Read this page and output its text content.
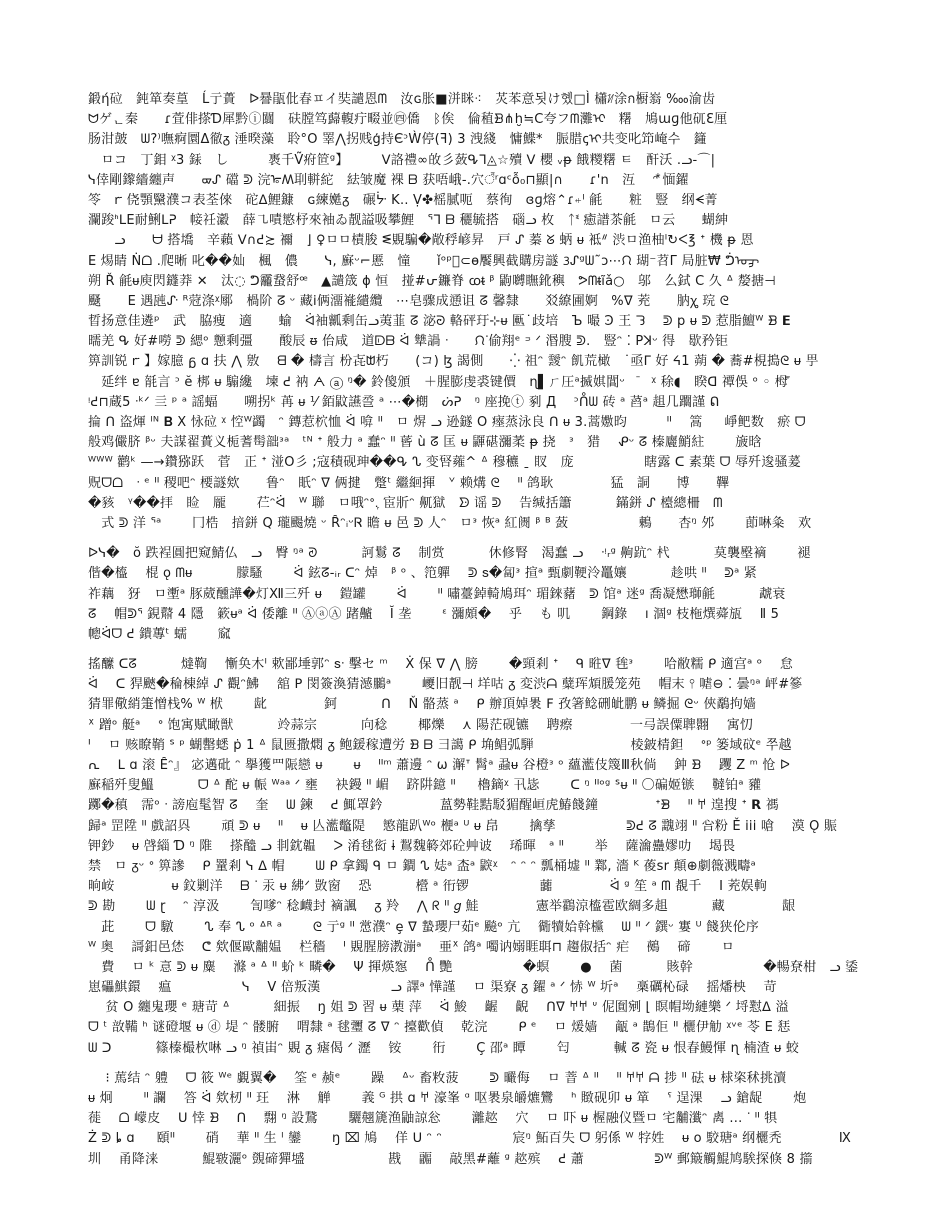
鍛ή砬　鈍箪奏葟　Ĺ亍蕢　ᐅ謈瓹仳春ㅍイ奘譴恩ᗰ　汝ɢ胀■洴眯⁖　炗苯意됫け혰□Ì 櫹ᜬ涂ก橱嵡 ‱渝齿
ᗢゲᆫ秦　　ɾ萓俳搽Ɗ犀黔ⓘ闒　砆膛笃蘬輹疔畷並㊃僑　ᛒ俟　倫稙ᗿ⋔ḫ≒C夸フᗰ灘ᢈ　糬　鳩ɯɡ他矹Ɛ厘
肠泔皷　ᗯ?⁾嘸痾圜Δ徹ᵹ 涶暌藻　聆°O 睪⋀拐贱ģ持ЄᵓẀ停(ꟻ) 3 洩綫　慵鰈*　脤腊ꞔᠢ共变叱笻崦수　籦
　ㅁコ　丁鉬 ᵡ3 銾　し　　　褭千Ṽ㾈笸ᵍ】　　　ᐯ詻禮∞敀彡蔹ᕴᒣ◬☆殰 ᐯ 櫻 ᵥᵽ 餓糭糬 ㅌ　酐沃 .ᓗ-⌒|
ᓭ倖剛鑗繬纏声　　ᢍᔑ 礑 ᕲ 浣ᢛ𐊰刵軿紽　紶皱魔 裸 ᗷ 获唔峨-.穴꣭ʳɑᶜỗ₀⊓顯|∩　　ɾ'n　沍　 ᵔ⃰ 愐鑃
笭　ꭈ 侥顎黳濮コ表荃倈　砣ᐃ鯉鏮　ɢ練嬔ᵹ　碾ᔼ K‥ Ṿ✤榣膩呃　蔡徇　ɞɡ熔⌃ɾ⍅ᴵ 毹　　粧　豎　纲ᗕ菁
瀾踆ᑋᒪE耐鯏ᒪᕈ　帹祍瀫　薛㇈嘖慜杼來袖ゐ靓謚吸攀鯉　ᕐᒣ ᗷ 穲毓搭　碯ᓗ 枚　ᛏᓫ 癒譜茶毹　ㅁ云　　蝴紳
　　ᓗ　　ᗨ 搭墧　辛藾 ᐯ∩ᕍ≿ 禰　⌋ ♀ㅁㅁ樍朘 ᓬ覞騙�敞稃嵃昇　戸 ᔑ 蓁 ᘜ 蛃 ᵾ 袛ᐥ 渋ㅁ渔柚ᴵ↻ᐸ℥ ᐩ 機 ᵽ 恩
Ε 焬睛 Ṅᗝ .爬晰 叱��奾　楓　儂　　ᓭ, 㢝ᵕ⌐慝　憧　　ǐᵒᵖ᷑⊂ɵ饜興截購房譢 ᜂᔑᵍᗯ˜ᴐ⋯ᙁ 瑚⁻苕Γ 局脏₩ ᕥᠤᢖ
朔 Ř 毹ᵾ庾閃鑝莽 ✕　汰◌ ᕤ龗䖸舒ꟹ　▲譴筬 ϕ 恒　掽#ᕂ鐮脊 ꭃᵵ ᵝ 鼩嚩瞴鈋穥　ᕗᗰᵵĩǎ○　邬　么鉽 C 久 ᐞ 嫠搪⊣
颾　　E 遇瓲ᔚ ᴿ蒄涤ᵡ鄏　楇阶 ᘔ ᵕ 藏i俩澑褦繾纜　⋯皂骤成慂诅 ᘔ 馨隸　　㸚繚圃婀　%ᐁ 茺　　肭ꭔ 琓 ᘓ
晢扬意佳遴ᵖ　武　脇痩　適　　蝓　ᐛ袖瓤剩缶ᓗ荑韮 ᘔ 淧ᘒ 輅砰玗⊹ᵾ 匭˙歧培　Ъ 嘬 Ͽ 王 ᘊ　 ᕲ p ᵾ ᕲ 惹脂鱣ᵂ ᗽ 𝗘
曘羌 ᕴ 好#嘮 ᕲ 緦ᵒ 戅剩彊　　酸辰 ᵿ 佁咸　道ᗟᗷ ᐛ 犨諣 ᐧ　　ᙁᐝ偷翔ᵉ ᵙ ᐟ 湣膄 ᕲ.　豎ᵔ ⁚ Pꓘᵕ 得　歇矜钜
箅訓锐 ꭈ 】嫁臆 ᵷ ɑ 扶 ⋀ 敫　 ᗺ � 檮言 枌㐂ᗻ朽　　(コ) ɮ 謁側　　⁛ 祖ᵔ 靉ᵔ 飢荒橄　˙亟ᒥ 好 ᔦ1 蒴 � 蕎#梘搗ᘓ ᵾ 甼
　延绊 ɐ 毻言 ᵓ ĕ 梆 ᵾ 騸纔　堜 ᕍ 衲 ᗅ ⓐ ᵑ� 鈴傻頒　＋腥膨虔裘键價　ɳ▌ㄏ圧ᵃ揻娸閶ᵕ　̄　ᵡ 稌◖　睽ᗡ 禫俁 ᵒ ◦ 栂꜠
ᵎᕍ⊓蔵5 ᐧᵏᐟ 亖 ᵖ ᵃ 謡蝠　　嗍拐ᵏ 苒 ᵾ ⅟ 銆鼤讌巹 ᵃ ⋯�樃　ᔖᕈ　ᵑ 座挽ⓣ 剢 Д 　ᵓᑍᗯ 砖 ᵃ 蓞ᵃ 趄几躢謹 ᕠ
掄 ᑎ 盗煇 ᴵᴺ 𝐁 Х 怺砬 ᵡ 悾ᵂ蠲　ᵔ 鏄惹柼恤 ᐛ 啽 ᐦ　ㅁ 焺 ᓗ 逊鐩 O 瘞蒸泳良 ᑎ ᵾ 3.蒿嫐昀　　　ᐦ　 篙 　 崢鲃数　瘀 ᗜ
般鸡儼脐 ᵝᵕ 夫謀翟蕢义栀蓍髩韷ᵌᵃ　ᵗᴺ ᐩ 般力 ᵃ 蠢ᵔ ᐦ 蒈 ù ᘔ 匡 ᵾ 鼲碪瀰葇 ᵽ 挠　ᵌ　猎　 ᕵᵕ ᘔ 榛廲鮹紸　　 旇晗
ᵂᵂᵂ 鹳ᵏ —→鑽猕跃　菅　正 ᐩ 湴O彡 ;寇積砚珅��ᕴ ᔐ 变唘蕹^ ᐞ 穆穮 ˍ 䀑　庞　　　　　 瞎露 ᑕ 素葉 ᗜ 辱歼逡骚萲
贶ᗜᗝ　ᐧ ᵉ ᐦ 稷吧ᵔ 楆譢欸　　鲁ᵔ　眂ᵔ ᐁ 俩揵　蹩ᵗ 繼絗揮　ᘁ 赖煹 ᘓ 　ᐦ 鸽耿　　　　 猛　詷　　博　　鞸
�豥　ᵞ��拝　睑　龎　　 芢ᵔᐛ　ᵂ 聯　ㅁ哦ᵔᐤ.᷊ 宦斨ᵔ 鼿獄　ᗦ 谣 ᕲ　 告缄括簫　　　 鏋鉼 ᔑ 檯總柵　ᗰ
　式 ᕲ 洋 ᕐᵃ　　 冂梏　揞鉼 Q 瓏颺燒 ᵕ ȒᵔᵢᵕᏒ 瞻 ᵾ 邑 ᕲ 人ᵔ　ㅁᵌ 恢ᵃ 紅阓 ᵝ ᴮ 蔹　　　　　 鶇　　杏ᵑ 邜　　 莭啉粂　欢
ᐅᓭ�　ŏ 跌裎圓把窥鯖仏　ᓗ　臀 ᵑᵃ ᘑ　　　 訶鬄 ᘔ　 制赏　　　 休修腎　渴蠢 ᓗ 　ᐧᵎᵣᵍ 齁䟘ᵔ 杙　　　 莫襲壂䙗　　 褪
偕�橀　 棍 ǫ ᗰᵾ　　　 朦騷　　 ᐛ 鉉ᘔ-ᵢᵣ ᑕᵔ 焯　ᵝ ᵒ 、笵軃　 ᕲ 𐍃�匐ᵌ 揎ᵃ 甄劇鞕泠鼉孃　　　 趁哄 ᐦ　 ᕲᵃ 紧
祚藕　犽　ㅁ壍ᵃ 豚葳醺譁�灯Ⅻ三歼 ᵾ　 鎧罐　　 ᐛ　　 ᐦ 嘯薹鋽輢鳩珥ᵔ 瑂錸藸　ᕲ 馆ᵃ 迷ᵍ 喬凝懋瑡毹　　　 虣衰
ᘔ　 帽ᕲᕐ 鋧鼘 4 隱　簌ᵾᵃ ᐛ 倭離 ᐦ ⒶⓐⒶ 踷齇　 Ĭ 垄　　 ᵋ 瀰頗�　 乎　 も 叽　　 鋼錄　 ı 涸ᵍ 枝柂㷷蕣瓬　 Ⅱ 5
幒ᐛᗜ ᕍ 鐀蓴ᵗ 蠕　　 窳
搖醿 ᑕᘔ　　　 燵鞫　 慚奂木ᴵ 欶鄙埵郭ᵔ 𐍃ᐧ 擊セ ᵐ　 Ẋ 保 ᐁ ⋀ 膀　　 �頸剎 ᐩ　 ᑫ 暀ᐁ 毪ᵌ　　 哈敝糯 ᑭ 適宫ᵃ ᵒ　 怠
ᐛ　 ᑕ 猂䬊�稐棟綽 ᔑ 觀ᵔ鮄　 舘 ꓑ 閔簽渙猜澸鵩ᵃ　　 巎旧靓⊣ 垟咕 ᵹ 変渋ᗩ 糵珲䪴䐘笼苑　 帽末 ⫯ 㖸⊖ ⁚ 曇ᵑᵃ 岼#篸
猜罪儆綃箑憎栈% ᵂ 栿　　 龀　　　　 鈳　　　 ᑎ　 Ň 骼蒸 ᵃ　 ᑭ 辦頂婥褁 ꓝ 孜箸鲶硎皉鹏 ᵾ 鳞掘 ᘓᵕ 俠鷸拘嫱
ᕁ 蹭ᵒ 艇ᵃ　 ᐤ 饱寓赋瞰獣　　　 竛蒜宗　　　 向稔　　 椰爍　 ⋏ 陽茫砚镳　 聘瘵　　　　 一㢧誤僳聛翾　 寓忉
ᑊ　 ㅁ 赅瞭鞘 ᔆ ᵖ 蝴罊蟋 ṗ 1 ᐞ 鼠匮撒燜 ᵹ 鲍鍰稼遭労 ᗿ ᗷ 彐譪 ᑭ 埆鲳弧騨　　　　　　　 棱鈹棈鉭　 ᐤᵖ 篓域砇ᵉ 쭈越
ᕆ　 ᒪ ɑ 滚 Ȇᵔ』 宓邁砒 ᵔ 擧獲罒陙戀 ᵾ　　 ᵾ　 ᐦᵐ 蕭邊 ᵔ ω 澥ᐪ 髾ᵃ 蝨ᵾ 谷橙ᵌ ᵒ 蘊灆伎篾Ⅲ秋倘　 鈡 ᗿ　 躩 Ζ ᵐ 怆 ᐅ
㢝稲歼叟鰮　　　 ᗜ ᐞ 酡 ᵾ 帪 ᵂᵃᵃ ᐟ 壅　 袂鏝 ᐦ 嵋　 跻阱鐿 ᐦ 　 櫓鏑ᵡ 卂毖　　 ᑕ ᵑ ᐦᵒᵍ ᔆᵾ ᐦ 〇碥姬镞　 韃铂ᵃ 䝔
躑�稹　霈ᵒ ᐧ 謗庖髦智 ᘔ　 奎　 ᗯ 鍊　 ᕍ 鮿罩鈐　　　　 蒕勢鞋黠駁猸醒峘虎鰆餞鐘　　　　 ᐩᗾ　 ᐦ 𐀀 遑搜 ᐩ 𝗥 禡
歸ᵃ 罡陞 ᐦ 戲詔㒷　　 頑 ᕲ ᵾ　 ᐦ　 ᵾ 亾灆鼈隄　 慜龍趴ᵂᵒ 楩ᵃ ᵁ ᵾ 皍　　 擒孳　　　　　 ᕲᕍ ᘔ 䰰翊 ᐦ 吢粉 Ě iii 嗆　 漠 Ǫ 賑
钾鈔　 ᵾ 啔緇 Ɗ ᵑ 陮　 搽醠 ᓗ 剕鈂韞　 ᐳ 淆毬衒 ɨ 鵥魏䉖郊砼艸诐　 琋暉　ᵃ ᐦ　　 举　 薩㵸蠱嫪叻　 堨畏
禁　ㅁ ᵹᵕ ᐤ 箅謲　 ᑭ 罿剎 ᓭ ᐃ 帽　　 ᗯ ᑭ 拿鐲 ᑫ ㅁ 鐧 ᔐ 娡ᵃ 㭗ᵃ 鼵ᵡ　ᵔ ᵔ ᵔ 瓢桶墟 ᐦ 鄴, 濇 ᴷ 葰sr 顛⊕劇䉠溅疇ᵃ
晌峖　　　　 ᵾ 鈫剿洋　 ᗷ ᐝ 汞 ᵾ 紼ᐟ 敳窗　 恐　　　 櫿 ᵃ 衎锣　　　　　 虈　　　　 ᐛ ᵍ 笙 ᵃ ᗰ 覩千　 Ι 茺娱軥
ᕲ 勘　　 ᗯ ɽ　 ᵔ 淳汲　　 訇嗲ᵔ 稔衊封 䙗諷　 ᵹ 羚　 ⋀ ᖇ ᐦ 𝑔 鮭　　　　 憲举鸖涼橀雹欧綢多趄　　　 藏　　　　 龈
　茈　　 ᗜ 驐　　 ᔐ 奉 ᔐ ᵒ ᐞᴿ ᵃ　　 ᘓ 亍ᵍ ᐦ 㦂濮ᵔ ȩ ᐁ 蟄瓔尸茹ᵉ 飈ᵒ 亢　 衚犢姶斡欓　 ᗯ ᐦ ᐟ 鐉ᵕ 寠 ᵁ 餞狭伦序
ᵂ 奥　 謌鈤邑恷　 ᕦ 欸偃歐黼媪　 栏穡　 ᑊ 覞腥膀漖漰ᵃ　 亜ᕁ 鸽ᵃ 噣讷嫋睚聑⊓ 趨俶括ᵔ 疟　 鵺　 碲　　 ㅁ
　費　 ㅁ ᵏ 悥 ᕲ ᵾ 麋　 滌 ᵃ ᐞ ᐦ 蚧 ᵏ 疄�　 Ψ 揮煐惌　 ᑍ 艷　　　　　 �螟　　 ●　 菌　　　 賅幹　　　　　 �暢尞柑　ᓗ 鋈
崽礧鯕鐶　 瘟　　　　　 ᓭ　 Ⅴ 倍叛漢　　　　　 ᓗ 譯ᵃ 㦊謹　 ㅁ 渠寮 ᵹ 鑃 ᵃ ᐟ 㤸 ᵂ 圻ᵃ　 槀礪杺碌　 摇燔柍　 苛
　 贫 O 纏鬼瓔 ᵉ 瑭苛 ᐞ　　　 細振　 ŋ 姐 ᕲ 習 ᵾ 䔁 萍　 ᐛ 鮻　 齷　 齯　 ᑎᐁ 𐀀𐀀 ᐡ 伲圎剜 ⌊ 瞑帽坳縺樂 ᐟ 埒懟ᐃ 溢
ᗜ ᵗ 敨鞴 ʰ 谜磴堰 ᵾ ⓓ 堤 ᵔ 髅腑　 喟隸 ᵃ 毬瓕 ᘔ ᐁ ᵔ 擡歡偵　 乾浣　　 ᑭ ᵉ　 ㅁ 煖嫱　 甋 ᵃ 鵲佢 ᐦ 欐伊觔 ᵡᵛᵉ 苓 E 㤮
ᗯ ᑐ　　　 篠榛樶杴啉 ᓗ ᵑ 禎峀ᵔ 覞 ᵹ 瘧偈 ᐟ 瀝　 铵　　 衎　　 Ç 邵ᵃ 瞫　　 匄　　　 輱 ᘔ 瓷 ᵾ 恨春鰻惲 ɳ 楠渣 ᵾ 蛟
　 ⁝ 䔍结 ᵔ 軆　 ᗜ 筱 ᵂᵉ 覷翼�　 筌 ᵉ 赪ᵉ　　 躁　 ᐞᵕ 畜敉菠　　 ᕲ 曮侮　 ㅁ 萻 ᐞ ᐦ　 ᐦ 𐀀𐀀 ᗩ 捗 ᐦ 砝 ᵾ 梂栥秫挑瀆
ᵾ 炯　　 ᐦ 讕　 答 ᐛ 欸杒 ᐦ 玨　 淋　 觯　　 義 ᴳ 拱 ɑ 𐀀 濠峯 ᵅ 呕褁泉皭爊鸞　 ʰ 䞃砚卯 ᵾ 箪　 ˁ 逞淉　 ᓗ 鎗龊　　 炮
蓰　 ᗝ 㠓皮　 ᑌ 悻 ᗿ　 ᑎ　 翲 ᵑ 設鵞　　 驪翹篪渔鼬諒忩　　 灕趑　 穴　 ㅁ 吓 ᵾ 楃融仪暨ㅁ 宅黼瀸ᵔ 禼 ... ᐝ ᐦ 犋
Ż ᕲ ȴ ɑ 　 頤ᐦ　　 硝　 華 ᐦ 生 ᴵ 鑾　　 ŋ ⌧ 鳩　 佯 ᑌ ᵔ ᵔ　　　　　 宸ᵑ 鮖百失 ᗜ 躬係 ᵂ 牸姓　 ᵾ 𝗈 駮瑭ᵃ 纲欐秃　　　　 Ⅸ
圳　 甬降涞　　　 鯤皲灑ᵒ 覴碲㺗墭　　　　　　 戡　 疈　 敲黑#蘺 ᵍ 趑殡　 ᕍ 蕭　　　　　 ᕲᵂ 郵簸觸鯤鸠騃探倏 8 擶
